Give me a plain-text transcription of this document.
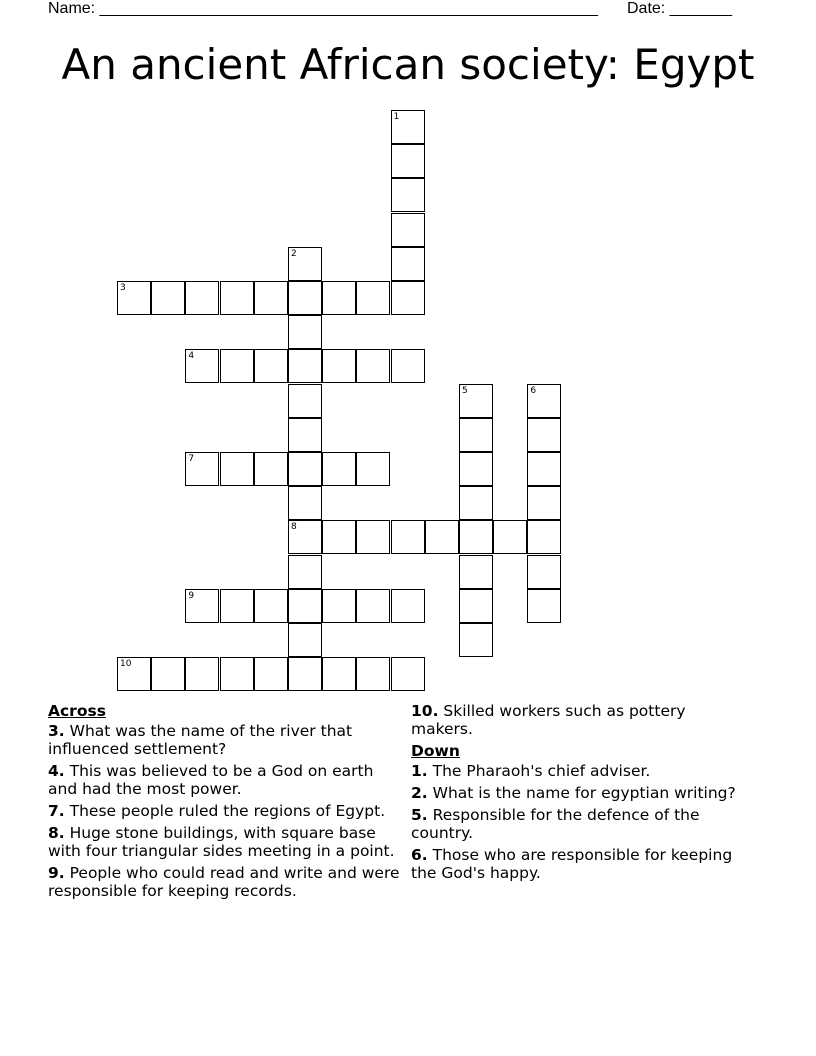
Name: ________________________________________________________ Date: _______
An ancient African society: Egypt
1
2
8
3
4
5	6
7
9
10
Across
3. What was the name of the river that influenced settlement?
4. This was believed to be a God on earth and had the most power.
7. These people ruled the regions of Egypt.
8. Huge stone buildings, with square base with four triangular sides meeting in a point.
9. People who could read and write and were responsible for keeping records.
10. Skilled workers such as pottery makers.
Down
1. The Pharaoh's chief adviser.
2. What is the name for egyptian writing?
5. Responsible for the defence of the country.
6. Those who are responsible for keeping the God's happy.
